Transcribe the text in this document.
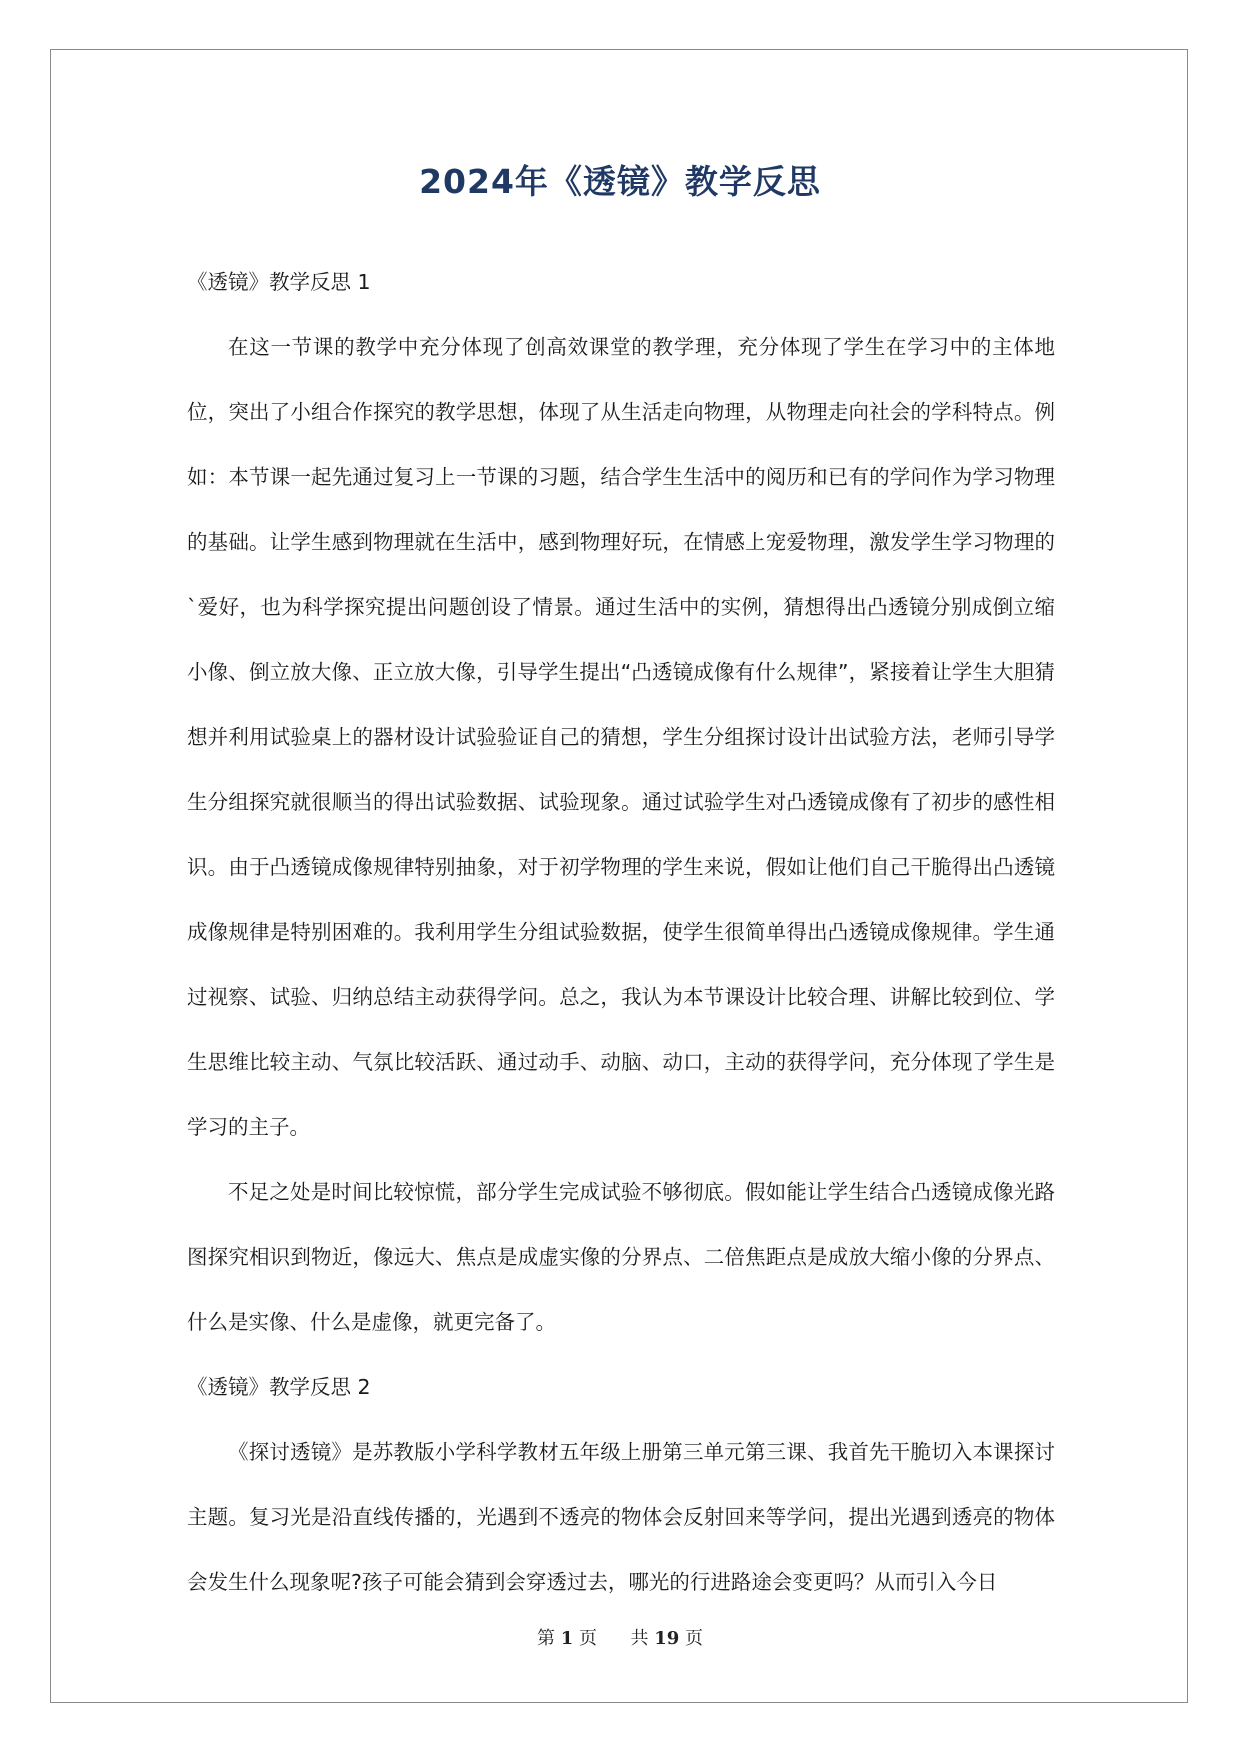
2024年《透镜》教学反思

《透镜》教学反思 1

在这一节课的教学中充分体现了创高效课堂的教学理，充分体现了学生在学习中的主体地位，突出了小组合作探究的教学思想，体现了从生活走向物理，从物理走向社会的学科特点。例如：本节课一起先通过复习上一节课的习题，结合学生生活中的阅历和已有的学问作为学习物理的基础。让学生感到物理就在生活中，感到物理好玩，在情感上宠爱物理，激发学生学习物理的`爱好，也为科学探究提出问题创设了情景。通过生活中的实例，猜想得出凸透镜分别成倒立缩小像、倒立放大像、正立放大像，引导学生提出“凸透镜成像有什么规律”，紧接着让学生大胆猜想并利用试验桌上的器材设计试验验证自己的猜想，学生分组探讨设计出试验方法，老师引导学生分组探究就很顺当的得出试验数据、试验现象。通过试验学生对凸透镜成像有了初步的感性相识。由于凸透镜成像规律特别抽象，对于初学物理的学生来说，假如让他们自己干脆得出凸透镜成像规律是特别困难的。我利用学生分组试验数据，使学生很简单得出凸透镜成像规律。学生通过视察、试验、归纳总结主动获得学问。总之，我认为本节课设计比较合理、讲解比较到位、学生思维比较主动、气氛比较活跃、通过动手、动脑、动口，主动的获得学问，充分体现了学生是学习的主子。

不足之处是时间比较惊慌，部分学生完成试验不够彻底。假如能让学生结合凸透镜成像光路图探究相识到物近，像远大、焦点是成虚实像的分界点、二倍焦距点是成放大缩小像的分界点、什么是实像、什么是虚像，就更完备了。

《透镜》教学反思 2

《探讨透镜》是苏教版小学科学教材五年级上册第三单元第三课、我首先干脆切入本课探讨主题。复习光是沿直线传播的，光遇到不透亮的物体会反射回来等学问，提出光遇到透亮的物体会发生什么现象呢?孩子可能会猜到会穿透过去，哪光的行进路途会变更吗？从而引入今日

第 1 页 共 19 页
